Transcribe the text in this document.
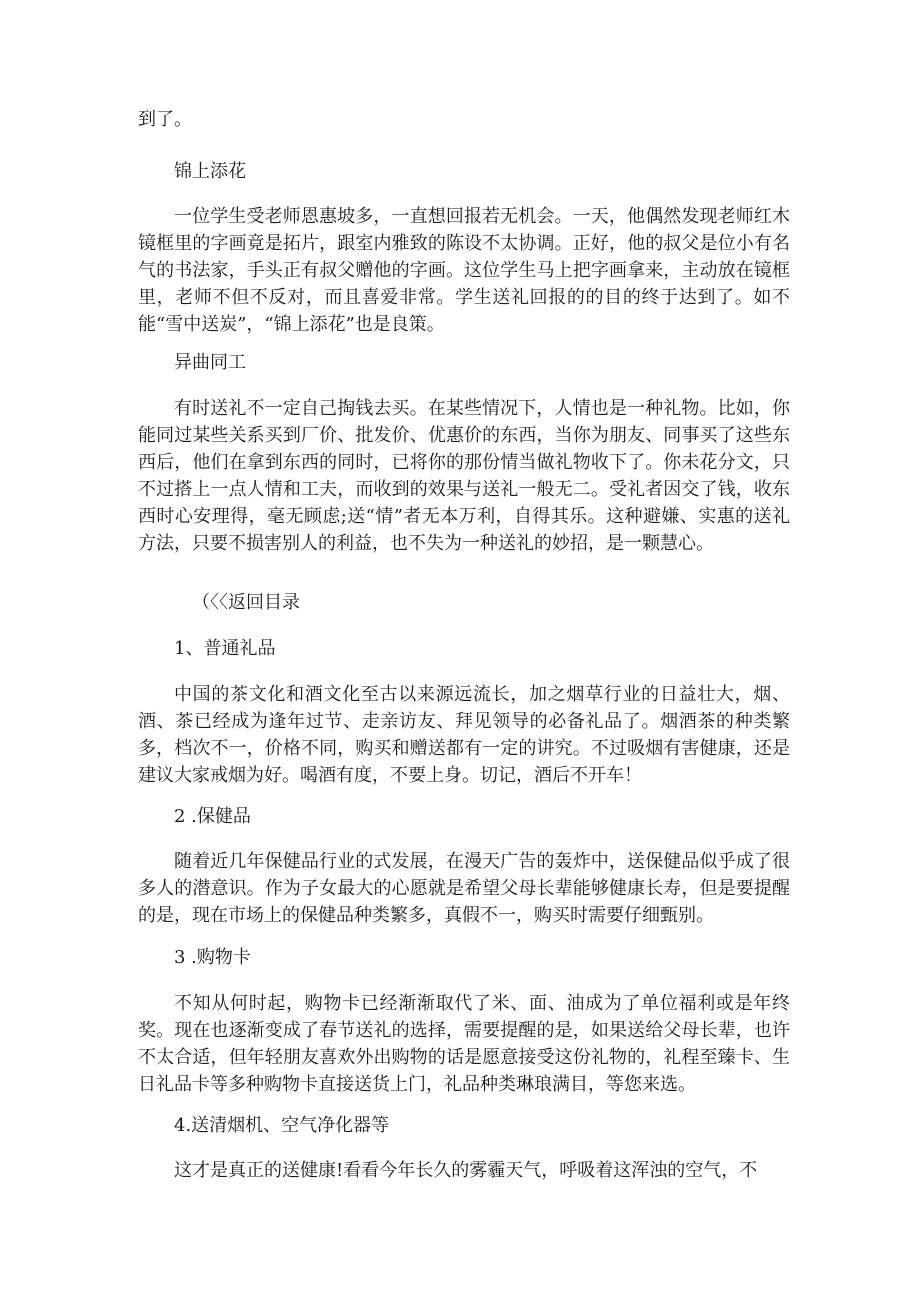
到了。

锦上添花

一位学生受老师恩惠坡多，一直想回报若无机会。一天，他偶然发现老师红木镜框里的字画竟是拓片，跟室内雅致的陈设不太协调。正好，他的叔父是位小有名气的书法家，手头正有叔父赠他的字画。这位学生马上把字画拿来，主动放在镜框里，老师不但不反对，而且喜爱非常。学生送礼回报的的目的终于达到了。如不能“雪中送炭”，“锦上添花”也是良策。

异曲同工

有时送礼不一定自己掏钱去买。在某些情况下，人情也是一种礼物。比如，你能同过某些关系买到厂价、批发价、优惠价的东西，当你为朋友、同事买了这些东西后，他们在拿到东西的同时，已将你的那份情当做礼物收下了。你未花分文，只不过搭上一点人情和工夫，而收到的效果与送礼一般无二。受礼者因交了钱，收东西时心安理得，毫无顾虑;送“情”者无本万利，自得其乐。这种避嫌、实惠的送礼方法，只要不损害别人的利益，也不失为一种送礼的妙招，是一颗慧心。

（〈〈返回目录

1、普通礼品

中国的茶文化和酒文化至古以来源远流长，加之烟草行业的日益壮大，烟、酒、茶已经成为逢年过节、走亲访友、拜见领导的必备礼品了。烟酒茶的种类繁多，档次不一，价格不同，购买和赠送都有一定的讲究。不过吸烟有害健康，还是建议大家戒烟为好。喝酒有度，不要上身。切记，酒后不开车！

2 .保健品

随着近几年保健品行业的式发展，在漫天广告的轰炸中，送保健品似乎成了很多人的潜意识。作为子女最大的心愿就是希望父母长辈能够健康长寿，但是要提醒的是，现在市场上的保健品种类繁多，真假不一，购买时需要仔细甄别。

3 .购物卡

不知从何时起，购物卡已经渐渐取代了米、面、油成为了单位福利或是年终奖。现在也逐渐变成了春节送礼的选择，需要提醒的是，如果送给父母长辈，也许不太合适，但年轻朋友喜欢外出购物的话是愿意接受这份礼物的，礼程至臻卡、生日礼品卡等多种购物卡直接送货上门，礼品种类琳琅满目，等您来选。

4.送清烟机、空气净化器等

这才是真正的送健康!看看今年长久的雾霾天气，呼吸着这浑浊的空气，不
